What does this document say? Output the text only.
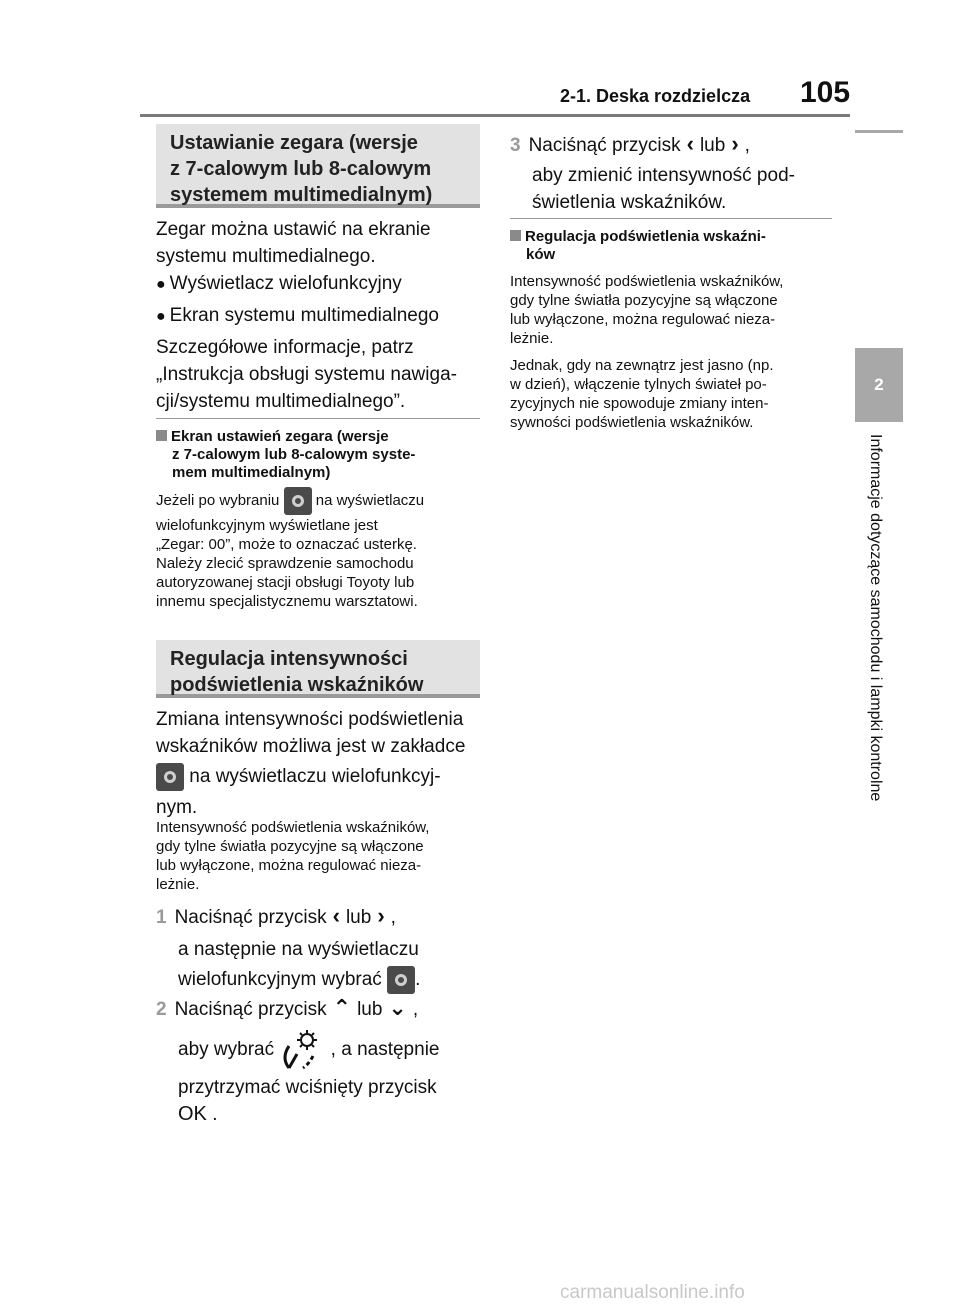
2-1. Deska rozdzielcza 105
2
Informacje dotyczące samochodu i lampki kontrolne
Ustawianie zegara (wersje
z 7-calowym lub 8-calowym
systemem multimedialnym)
Zegar można ustawić na ekranie
systemu multimedialnego.
● Wyświetlacz wielofunkcyjny
● Ekran systemu multimedialnego
Szczegółowe informacje, patrz
„Instrukcja obsługi systemu nawiga-
cji/systemu multimedialnego”.
Ekran ustawień zegara (wersje
z 7-calowym lub 8-calowym syste-
mem multimedialnym)
Jeżeli po wybraniu na wyświetlaczu
wielofunkcyjnym wyświetlane jest
„Zegar: 00”, może to oznaczać usterkę.
Należy zlecić sprawdzenie samochodu
autoryzowanej stacji obsługi Toyoty lub
innemu specjalistycznemu warsztatowi.
Regulacja intensywności
podświetlenia wskaźników
Zmiana intensywności podświetlenia
wskaźników możliwa jest w zakładce
na wyświetlaczu wielofunkcyj-
nym.
Intensywność podświetlenia wskaźników,
gdy tylne światła pozycyjne są włączone
lub wyłączone, można regulować nieza-
leżnie.
1 Naciśnąć przycisk ‹ lub › ,
a następnie na wyświetlaczu
wielofunkcyjnym wybrać .
2 Naciśnąć przycisk ⌃ lub ⌄ ,
aby wybrać	, a następnie
przytrzymać wciśnięty przycisk
OK .
3 Naciśnąć przycisk ‹ lub › ,
aby zmienić intensywność pod-
świetlenia wskaźników.
Regulacja podświetlenia wskaźni-
ków
Intensywność podświetlenia wskaźników,
gdy tylne światła pozycyjne są włączone
lub wyłączone, można regulować nieza-
leżnie.
Jednak, gdy na zewnątrz jest jasno (np.
w dzień), włączenie tylnych świateł po-
zycyjnych nie spowoduje zmiany inten-
sywności podświetlenia wskaźników.
carmanualsonline.info
